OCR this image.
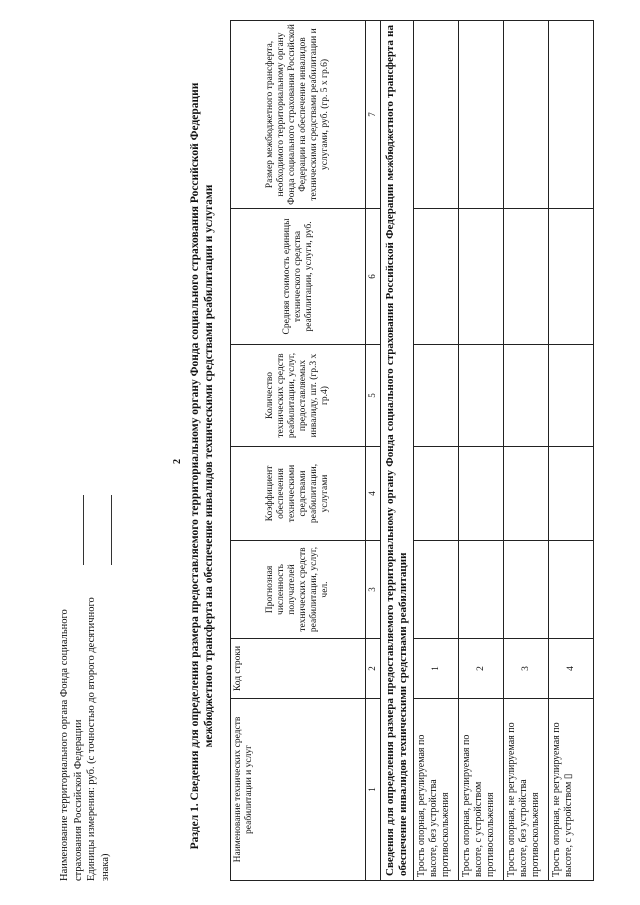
2
Наименование территориального органа Фонда социального страхования Российской Федерации Единицы измерения: руб. (с точностью до второго десятичного знака)
Раздел 1. Сведения для определения размера предоставляемого территориальному органу Фонда социального страхования Российской Федерации межбюджетного трансферта на обеспечение инвалидов техническими средствами реабилитации и услугами
Наименование технических средств реабилитации и услуг	Код строки	Прогнозная численность получателей технических средств реабилитации, услуг, чел.	Коэффициент обеспечения техническими средствами реабилитации, услугами	Количество технических средств реабилитации, услуг, предоставляемых инвалиду, шт. (гр.3 х гр.4)	Средняя стоимость единицы технического средства реабилитации, услуги, руб.	Размер межбюджетного трансферта, необходимого территориальному органу Фонда социального страхования Российской Федерации на обеспечение инвалидов техническими средствами реабилитации и услугами, руб. (гр. 5 х гр.6)
1	2	3	4	5	6	7
Сведения для определения размера предоставляемого территориальному органу Фонда социального страхования Российской Федерации межбюджетного трансферта на обеспечение инвалидов техническими средствами реабилитации						
Трость опорная, регулируемая по высоте, без устройства противоскольжения	1					
Трость опорная, регулируемая по высоте, с устройством противоскольжения	2					
Трость опорная, не регулируемая по высоте, без устройства противоскольжения	3					
Трость опорная, не регулируемая по высоте, с устройством ▯	4					
